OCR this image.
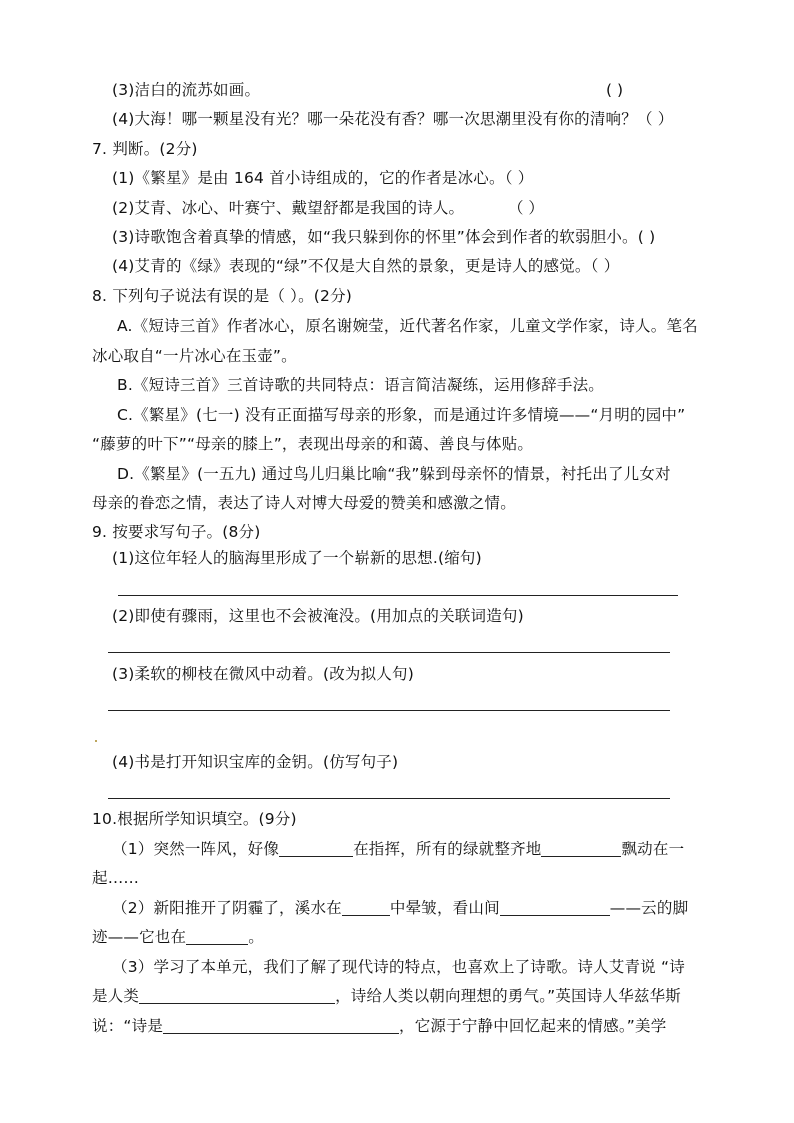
(3)洁白的流苏如画。	( )
(4)大海！哪一颗星没有光？哪一朵花没有香？哪一次思潮里没有你的清响？（ ）
7. 判断。(2分)
(1)《繁星》是由 164 首小诗组成的，它的作者是冰心。（ ）
(2)艾青、冰心、叶赛宁、戴望舒都是我国的诗人。	（ ）
(3)诗歌饱含着真挚的情感，如“我只躲到你的怀里”体会到作者的软弱胆小。( )
(4)艾青的《绿》表现的“绿”不仅是大自然的景象，更是诗人的感觉。（ ）
8. 下列句子说法有误的是（ ）。(2分)
A.《短诗三首》作者冰心，原名谢婉莹，近代著名作家，儿童文学作家，诗人。笔名
冰心取自“一片冰心在玉壶”。
B.《短诗三首》三首诗歌的共同特点：语言简洁凝练，运用修辞手法。
C.《繁星》(七一) 没有正面描写母亲的形象，而是通过许多情境——“月明的园中”
“藤萝的叶下”“母亲的膝上”，表现出母亲的和蔼、善良与体贴。
D.《繁星》(一五九) 通过鸟儿归巢比喻“我”躲到母亲怀的情景，衬托出了儿女对
母亲的眷恋之情，表达了诗人对博大母爱的赞美和感激之情。
9. 按要求写句子。(8分)
(1)这位年轻人的脑海里形成了一个崭新的思想.(缩句)
(2)即使有骤雨，这里也不会被淹没。(用加点的关联词造句)
(3)柔软的柳枝在微风中动着。(改为拟人句)
(4)书是打开知识宝库的金钥。(仿写句子)
10.根据所学知识填空。(9分)
（1）突然一阵风，好像	在指挥，所有的绿就整齐地	飘动在一
起……
（2）新阳推开了阴霾了，溪水在	中晕皱，看山间	——云的脚
迹——它也在	。
（3）学习了本单元，我们了解了现代诗的特点，也喜欢上了诗歌。诗人艾青说 “诗
是人类	，诗给人类以朝向理想的勇气。”英国诗人华兹华斯
说：“诗是	，它源于宁静中回忆起来的情感。”美学
